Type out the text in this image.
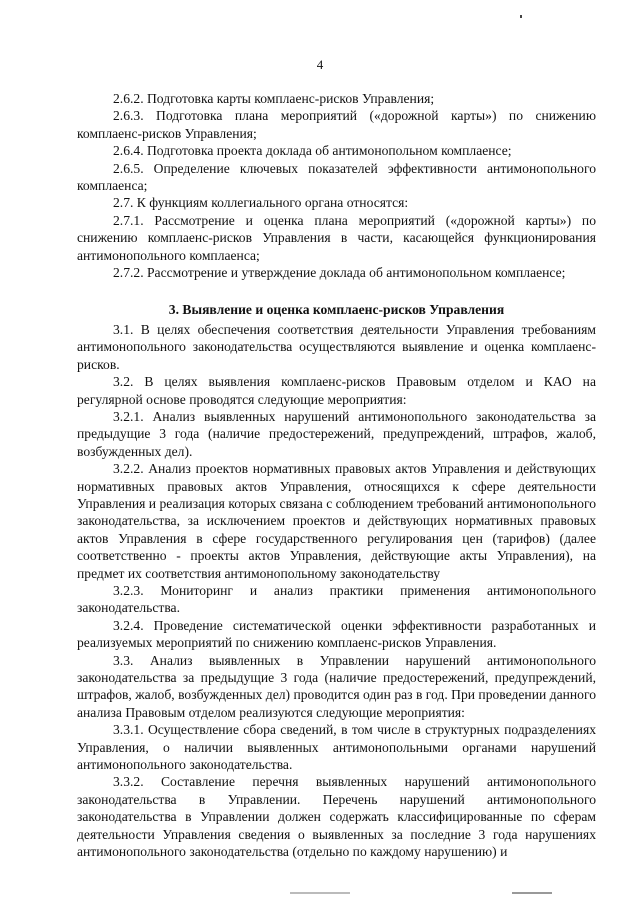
4

2.6.2. Подготовка карты комплаенс-рисков Управления;

2.6.3. Подготовка плана мероприятий («дорожной карты») по снижению комплаенс-рисков Управления;

2.6.4. Подготовка проекта доклада об антимонопольном комплаенсе;

2.6.5. Определение ключевых показателей эффективности антимонопольного комплаенса;

2.7. К функциям коллегиального органа относятся:

2.7.1. Рассмотрение и оценка плана мероприятий («дорожной карты») по снижению комплаенс-рисков Управления в части, касающейся функционирования антимонопольного комплаенса;

2.7.2. Рассмотрение и утверждение доклада об антимонопольном комплаенсе;

3. Выявление и оценка комплаенс-рисков Управления

3.1. В целях обеспечения соответствия деятельности Управления требованиям антимонопольного законодательства осуществляются выявление и оценка комплаенс-рисков.

3.2. В целях выявления комплаенс-рисков Правовым отделом и КАО на регулярной основе проводятся следующие мероприятия:

3.2.1. Анализ выявленных нарушений антимонопольного законодательства за предыдущие 3 года (наличие предостережений, предупреждений, штрафов, жалоб, возбужденных дел).

3.2.2. Анализ проектов нормативных правовых актов Управления и действующих нормативных правовых актов Управления, относящихся к сфере деятельности Управления и реализация которых связана с соблюдением требований антимонопольного законодательства, за исключением проектов и действующих нормативных правовых актов Управления в сфере государственного регулирования цен (тарифов) (далее соответственно - проекты актов Управления, действующие акты Управления), на предмет их соответствия антимонопольному законодательству

3.2.3. Мониторинг и анализ практики применения антимонопольного законодательства.

3.2.4. Проведение систематической оценки эффективности разработанных и реализуемых мероприятий по снижению комплаенс-рисков Управления.

3.3. Анализ выявленных в Управлении нарушений антимонопольного законодательства за предыдущие 3 года (наличие предостережений, предупреждений, штрафов, жалоб, возбужденных дел) проводится один раз в год. При проведении данного анализа Правовым отделом реализуются следующие мероприятия:

3.3.1. Осуществление сбора сведений, в том числе в структурных подразделениях Управления, о наличии выявленных антимонопольными органами нарушений антимонопольного законодательства.

3.3.2. Составление перечня выявленных нарушений антимонопольного законодательства в Управлении. Перечень нарушений антимонопольного законодательства в Управлении должен содержать классифицированные по сферам деятельности Управления сведения о выявленных за последние 3 года нарушениях антимонопольного законодательства (отдельно по каждому нарушению) и
